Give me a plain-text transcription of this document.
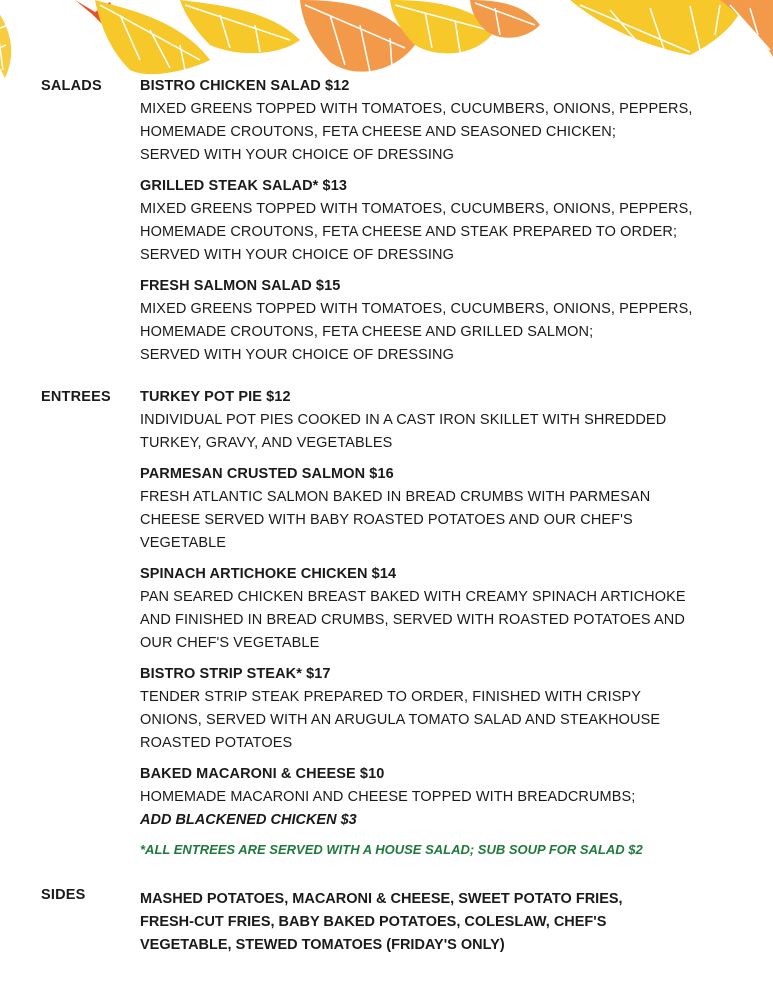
SALADS	BISTRO CHICKEN SALAD $12
MIXED GREENS TOPPED WITH TOMATOES, CUCUMBERS, ONIONS, PEPPERS,
HOMEMADE CROUTONS, FETA CHEESE AND SEASONED CHICKEN;
SERVED WITH YOUR CHOICE OF DRESSING
GRILLED STEAK SALAD* $13
MIXED GREENS TOPPED WITH TOMATOES, CUCUMBERS, ONIONS, PEPPERS,
HOMEMADE CROUTONS, FETA CHEESE AND STEAK PREPARED TO ORDER;
SERVED WITH YOUR CHOICE OF DRESSING
FRESH SALMON SALAD $15
MIXED GREENS TOPPED WITH TOMATOES, CUCUMBERS, ONIONS, PEPPERS,
HOMEMADE CROUTONS, FETA CHEESE AND GRILLED SALMON;
SERVED WITH YOUR CHOICE OF DRESSING
ENTREES TURKEY POT PIE $12
INDIVIDUAL POT PIES COOKED IN A CAST IRON SKILLET WITH SHREDDED
TURKEY, GRAVY, AND VEGETABLES
PARMESAN CRUSTED SALMON $16
FRESH ATLANTIC SALMON BAKED IN BREAD CRUMBS WITH PARMESAN
CHEESE SERVED WITH BABY ROASTED POTATOES AND OUR CHEF'S
VEGETABLE
SPINACH ARTICHOKE CHICKEN $14
PAN SEARED CHICKEN BREAST BAKED WITH CREAMY SPINACH ARTICHOKE
AND FINISHED IN BREAD CRUMBS, SERVED WITH ROASTED POTATOES AND
OUR CHEF'S VEGETABLE
BISTRO STRIP STEAK* $17
TENDER STRIP STEAK PREPARED TO ORDER, FINISHED WITH CRISPY
ONIONS, SERVED WITH AN ARUGULA TOMATO SALAD AND STEAKHOUSE
ROASTED POTATOES
BAKED MACARONI & CHEESE $10
HOMEMADE MACARONI AND CHEESE TOPPED WITH BREADCRUMBS;
ADD BLACKENED CHICKEN $3
*ALL ENTREES ARE SERVED WITH A HOUSE SALAD; SUB SOUP FOR SALAD $2
SIDES	MASHED POTATOES, MACARONI & CHEESE, SWEET POTATO FRIES,
FRESH-CUT FRIES, BABY BAKED POTATOES, COLESLAW, CHEF'S
VEGETABLE, STEWED TOMATOES (FRIDAY'S ONLY)
